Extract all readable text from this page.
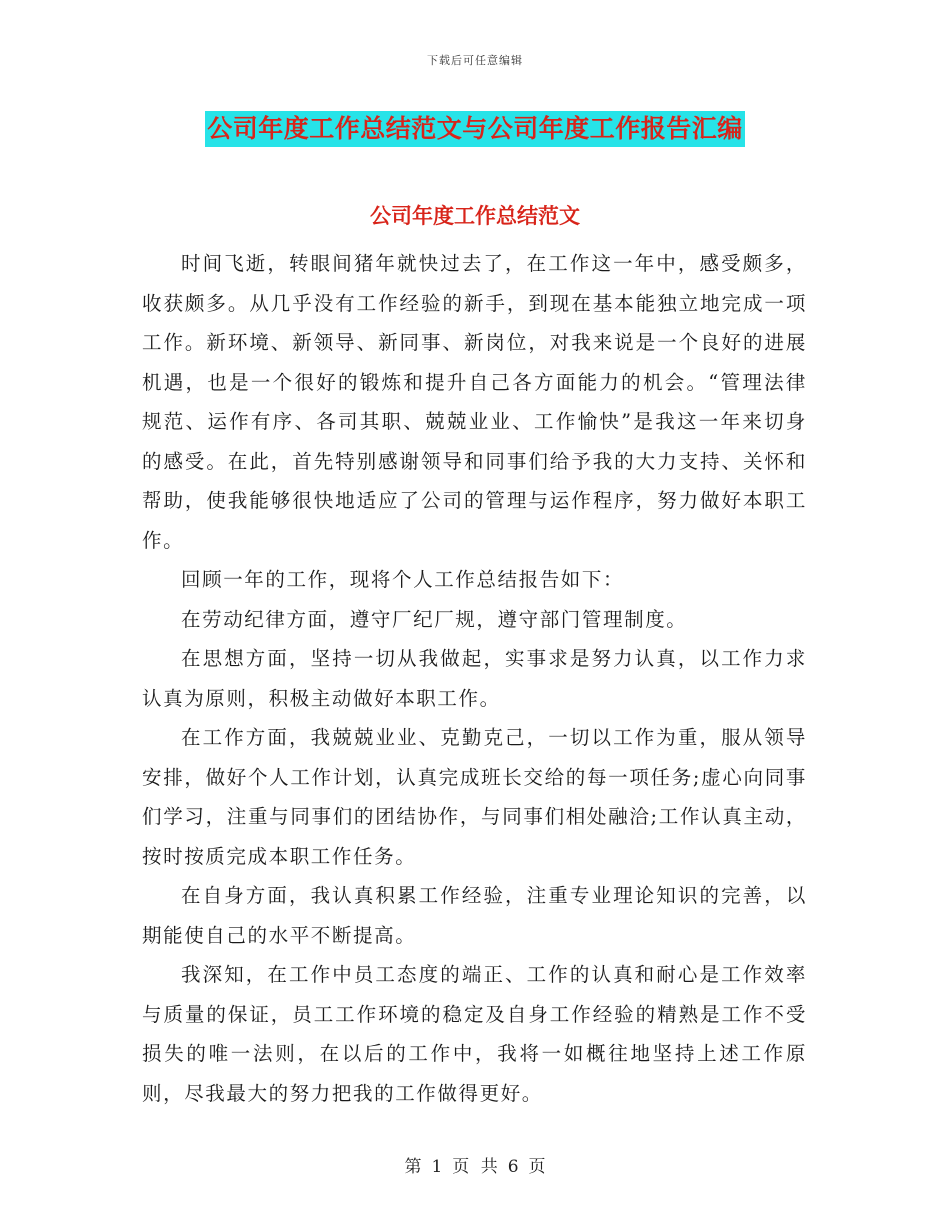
下载后可任意编辑
公司年度工作总结范文与公司年度工作报告汇编
公司年度工作总结范文

时间飞逝，转眼间猪年就快过去了，在工作这一年中，感受颇多，收获颇多。从几乎没有工作经验的新手，到现在基本能独立地完成一项工作。新环境、新领导、新同事、新岗位，对我来说是一个良好的进展机遇，也是一个很好的锻炼和提升自己各方面能力的机会。“管理法律规范、运作有序、各司其职、兢兢业业、工作愉快”是我这一年来切身的感受。在此，首先特别感谢领导和同事们给予我的大力支持、关怀和帮助，使我能够很快地适应了公司的管理与运作程序，努力做好本职工作。

回顾一年的工作，现将个人工作总结报告如下：

在劳动纪律方面，遵守厂纪厂规，遵守部门管理制度。

在思想方面，坚持一切从我做起，实事求是努力认真，以工作力求认真为原则，积极主动做好本职工作。

在工作方面，我兢兢业业、克勤克己，一切以工作为重，服从领导安排，做好个人工作计划，认真完成班长交给的每一项任务;虚心向同事们学习，注重与同事们的团结协作，与同事们相处融洽;工作认真主动，按时按质完成本职工作任务。

在自身方面，我认真积累工作经验，注重专业理论知识的完善，以期能使自己的水平不断提高。

我深知，在工作中员工态度的端正、工作的认真和耐心是工作效率与质量的保证，员工工作环境的稳定及自身工作经验的精熟是工作不受损失的唯一法则，在以后的工作中，我将一如概往地坚持上述工作原则，尽我最大的努力把我的工作做得更好。

第 1 页 共 6 页
